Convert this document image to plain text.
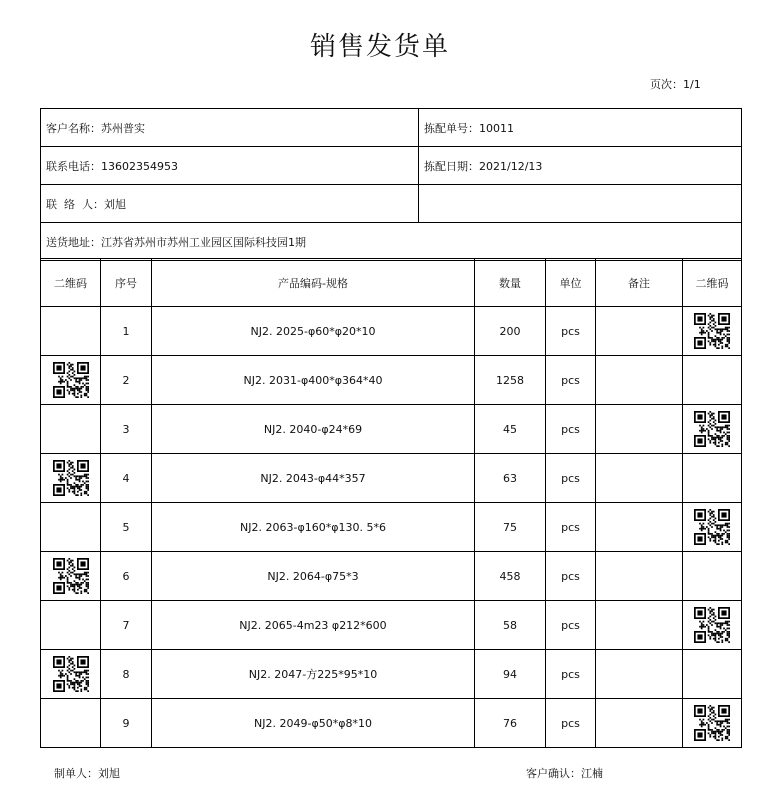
销售发货单
页次：1/1
客户名称：苏州普实	拣配单号：10011
联系电话：13602354953	拣配日期：2021/12/13
联  络  人：刘旭	
送货地址：江苏省苏州市苏州工业园区国际科技园1期	
二维码	序号	产品编码-规格	数量	单位	备注	二维码
	1	NJ2. 2025-φ60*φ20*10	200	pcs		
	2	NJ2. 2031-φ400*φ364*40	1258	pcs		
	3	NJ2. 2040-φ24*69	45	pcs		
	4	NJ2. 2043-φ44*357	63	pcs		
	5	NJ2. 2063-φ160*φ130. 5*6	75	pcs		
	6	NJ2. 2064-φ75*3	458	pcs		
	7	NJ2. 2065-4m23 φ212*600	58	pcs		
	8	NJ2. 2047-方225*95*10	94	pcs		
	9	NJ2. 2049-φ50*φ8*10	76	pcs		
制单人：刘旭	客户确认：江楠
